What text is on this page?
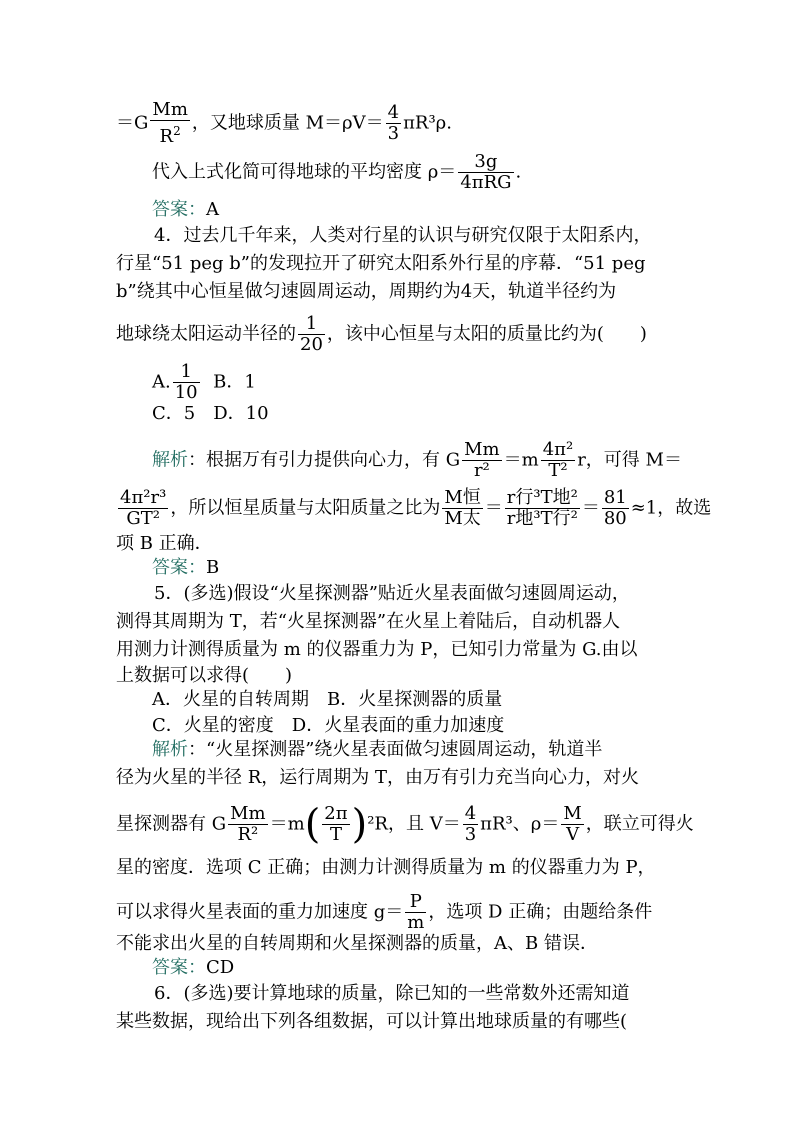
$=G \frac{Mm}{R^2}$ ，又地球质量 $M=\rho V= \frac{4}{3} \pi R^3\rho$.
代入上式化简可得地球的平均密度 $\rho= \frac{3g}{\text{4πRG}}$ .
答案：A
4．过去几千年来，人类对行星的认识与研究仅限于太阳系内，
行星“51 peg b”的发现拉开了研究太阳系外行星的序幕．“51 peg
b”绕其中心恒星做匀速圆周运动，周期约为4天，轨道半径约为
地球绕太阳运动半径的 $\frac{1}{20}$ ，该中心恒星与太阳的质量比约为(　　)
A. $\frac{1}{10}$ B．1
C．5　D．10
解析：根据万有引力提供向心力，有 G $\frac{Mm}{\text{r²}} =m \frac{\text{4π²}}{\text{T²}}$ r，可得 M＝
$\frac{\text{4π²r³}}{\text{GT²}}$ ，所以恒星质量与太阳质量之比为 $\frac{\text{M恒}}{\text{M太}} = \frac{\text{r行³T地²}}{\text{r地³T行²}} = \frac{81}{80} \approx 1$，故选
项 B 正确．
答案：B
5．(多选)假设“火星探测器”贴近火星表面做匀速圆周运动，
测得其周期为 T，若“火星探测器”在火星上着陆后，自动机器人
用测力计测得质量为 m 的仪器重力为 P，已知引力常量为 G.由以
上数据可以求得(　　)
A．火星的自转周期　B．火星探测器的质量
C．火星的密度　D．火星表面的重力加速度
解析：“火星探测器”绕火星表面做匀速圆周运动，轨道半
径为火星的半径 R，运行周期为 T，由万有引力充当向心力，对火
星探测器有 G $\frac{Mm}{\text{R²}} =m( \frac{2\pi}{T} )^2R$，且 $V= \frac{4}{3} \pi R^3$、$\rho= \frac{M}{V}$ ，联立可得火
星的密度．选项 C 正确；由测力计测得质量为 m 的仪器重力为 P，
可以求得火星表面的重力加速度 $g= \frac{P}{m}$ ，选项 D 正确；由题给条件
不能求出火星的自转周期和火星探测器的质量，A、B 错误．
答案：CD
6．(多选)要计算地球的质量，除已知的一些常数外还需知道
某些数据，现给出下列各组数据，可以计算出地球质量的有哪些(
